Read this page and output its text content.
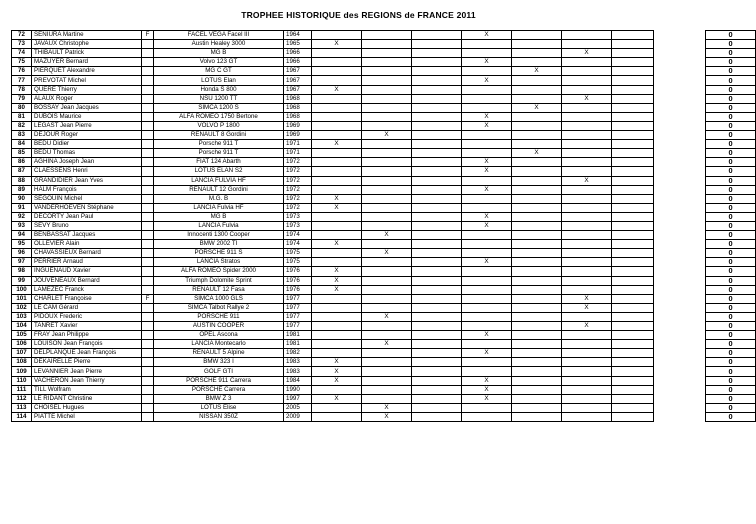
TROPHEE HISTORIQUE des REGIONS de FRANCE 2011
72	SENIURA Martine	F	FACEL VEGA Facel III	1964				X					0	
73	JAVAUX Christophe		Austin Healey 3000	1965	X								0	
74	THIBAULT Patrick		MG B	1966						X			0	
75	MAZUYER Bernard		Volvo 123 GT	1966				X					0	
76	PIERQUET Alexandre		MG C GT	1967					X				0	
77	PREVOTAT Michel		LOTUS Elan	1967				X					0	
78	QUERE Thierry		Honda S 800	1967	X								0	
79	ALAUX Roger		NSU 1200 TT	1968						X			0	
80	BOSSAY Jean Jacques		SIMCA 1200 S	1968					X				0	
81	DUBOIS Maurice		ALFA ROMEO 1750 Bertone	1968				X					0	
82	LEGAST Jean Pierre		VOLVO P 1800	1969				X					0	
83	DEJOUR Roger		RENAULT 8 Gordini	1969		X							0	
84	BEDU Didier		Porsche 911 T	1971	X								0	
85	BEDU Thomas		Porsche 911 T	1971					X				0	
86	AGHINA Joseph Jean		FIAT 124 Abarth	1972				X					0	
87	CLAESSENS Henri		LOTUS ELAN S2	1972				X					0	
88	GRANDIDIER Jean Yves		LANCIA FULVIA HF	1972						X			0	
89	HALM François		RENAULT 12 Gordini	1972				X					0	
90	SEGOUIN Michel		M.G. B	1972	X								0	
91	VANDERHOEVEN Stéphane		LANCIA Fulvia HF	1972	X								0	
92	DECORTY Jean Paul		MG B	1973				X					0	
93	SEVY Bruno		LANCIA Fulvia	1973				X					0	
94	BENBASSAT Jacques		Innocenti 1300 Cooper	1974		X							0	
95	OLLEVIER Alain		BMW 2002 TI	1974	X								0	
96	CHAVASSIEUX Bernard		PORSCHE 911 S	1975		X							0	
97	PERRIER Arnaud		LANCIA Stratos	1975				X					0	
98	INGUENAUD Xavier		ALFA ROMEO Spider 2000	1976	X								0	
99	JOUVENEAUX Bernard		Triumph Dolomite Sprint	1976	X								0	
100	LAMEZEC Franck		RENAULT 12 Fasa	1976	X								0	
101	CHARLET Françoise	F	SIMCA 1000 GLS	1977						X			0	
102	LE CAM Gérard		SIMCA Talbot Rallye 2	1977						X			0	
103	PIDOUX Frederic		PORSCHE 911	1977		X							0	
104	TANRET Xavier		AUSTIN COOPER	1977						X			0	
105	FRAY Jean Philippe		OPEL Ascona	1981				X					0	
106	LOUISON Jean François		LANCIA Montecarlo	1981		X							0	
107	DELPLANQUE Jean François		RENAULT 5 Alpine	1982				X					0	
108	DEKAIRELLE Pierre		BMW 323 I	1983	X								0	
109	LEVANNIER Jean Pierre		GOLF GTI	1983	X								0	
110	VACHERON Jean Thierry		PORSCHE 911 Carrera	1984	X			X					0	
111	TILL Wolfram		PORSCHE Carrera	1990				X					0	
112	LE RIDANT Christine		BMW Z 3	1997	X			X					0	
113	CHOISEL Hugues		LOTUS Elise	2005		X							0	
114	PIATTE Michel		NISSAN 350Z	2009		X							0	
